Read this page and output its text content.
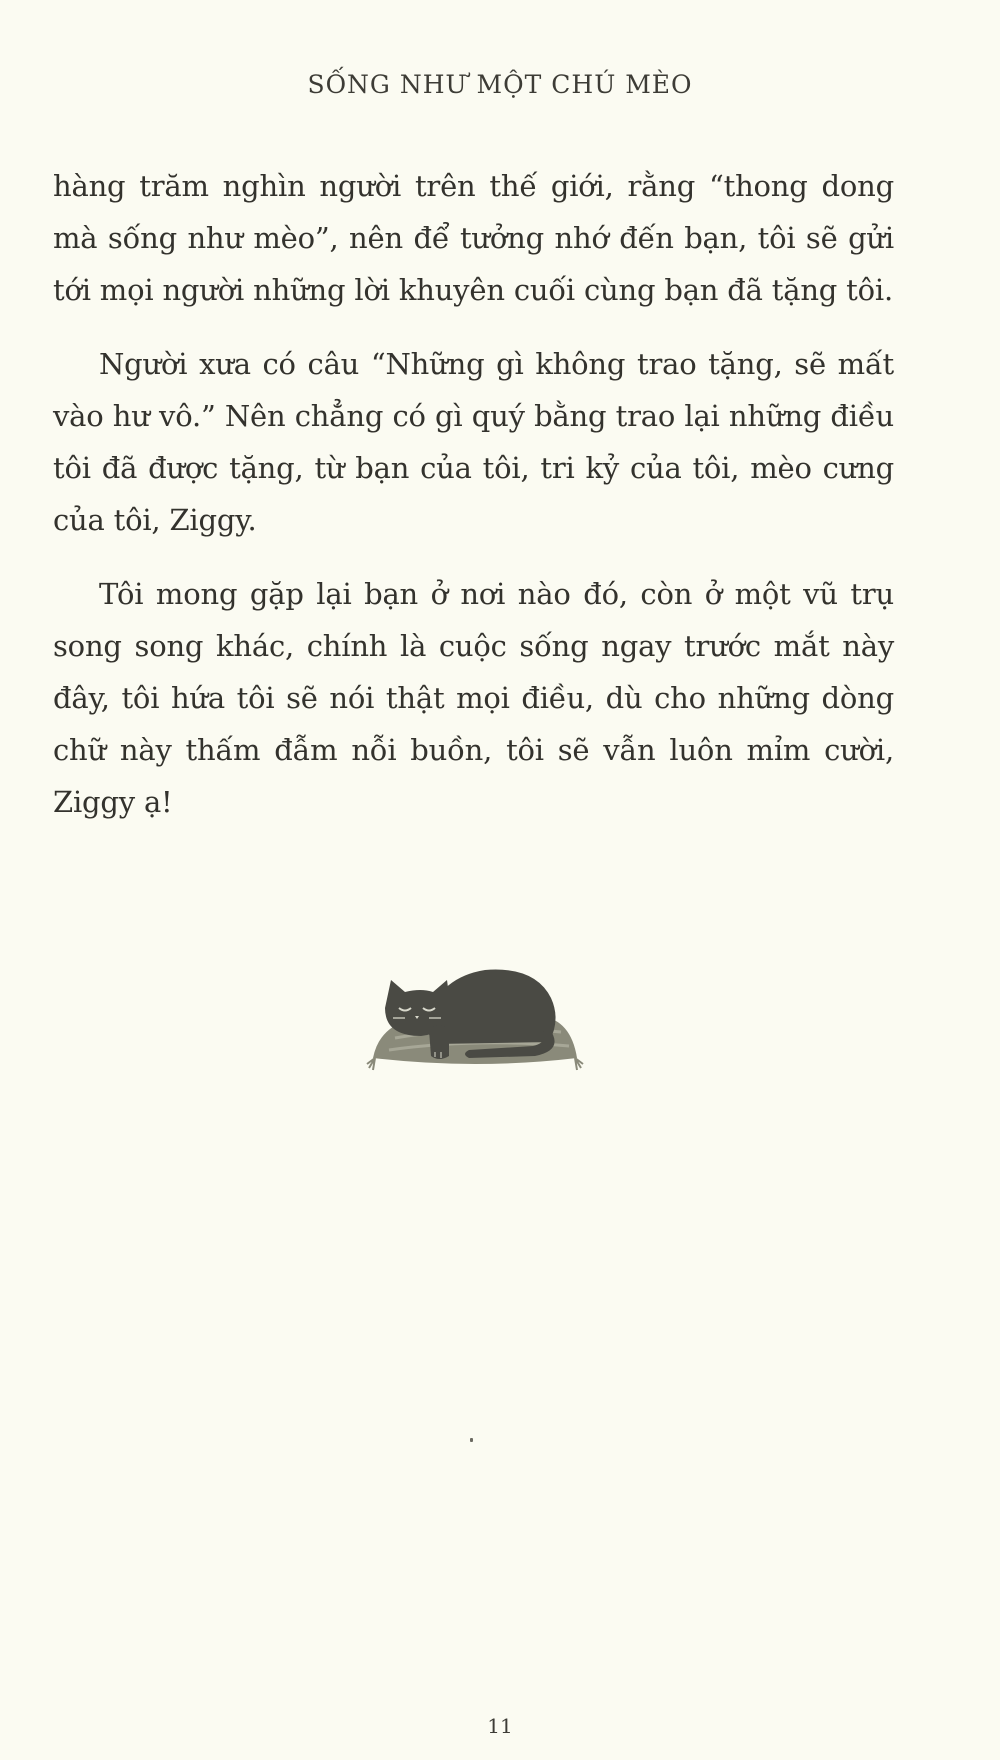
SỐNG NHƯ MỘT CHÚ MÈO

hàng trăm nghìn người trên thế giới, rằng “thong dong mà sống như mèo”, nên để tưởng nhớ đến bạn, tôi sẽ gửi tới mọi người những lời khuyên cuối cùng bạn đã tặng tôi.

Người xưa có câu “Những gì không trao tặng, sẽ mất vào hư vô.” Nên chẳng có gì quý bằng trao lại những điều tôi đã được tặng, từ bạn của tôi, tri kỷ của tôi, mèo cưng của tôi, Ziggy.

Tôi mong gặp lại bạn ở nơi nào đó, còn ở một vũ trụ song song khác, chính là cuộc sống ngay trước mắt này đây, tôi hứa tôi sẽ nói thật mọi điều, dù cho những dòng chữ này thấm đẫm nỗi buồn, tôi sẽ vẫn luôn mỉm cười, Ziggy ạ!

11
